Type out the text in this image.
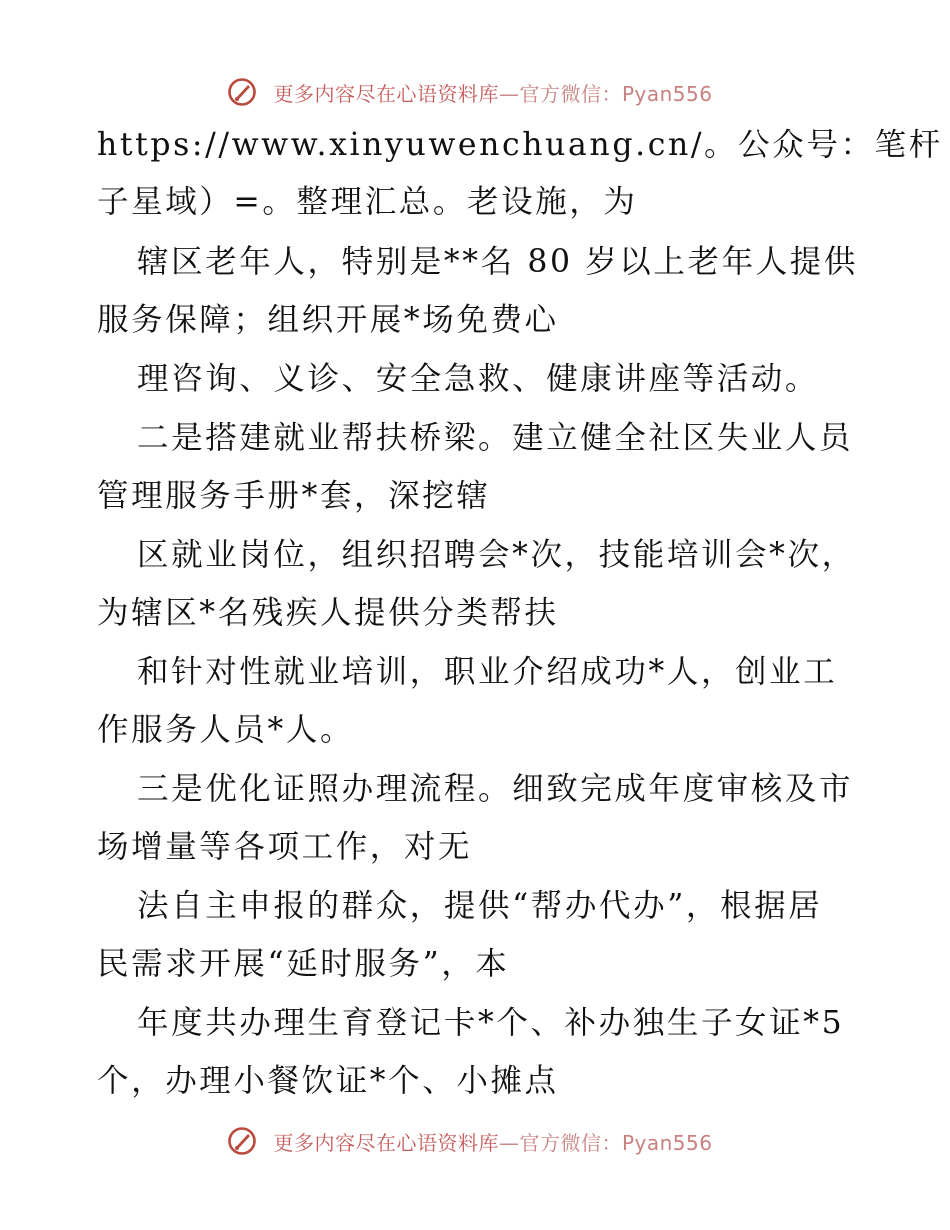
更多内容尽在心语资料库—官方微信：Pyan556
https://www.xinyuwenchuang.cn/。公众号：笔杆
子星域）=。整理汇总。老设施，为
辖区老年人，特别是**名 80 岁以上老年人提供
服务保障；组织开展*场免费心
理咨询、义诊、安全急救、健康讲座等活动。
二是搭建就业帮扶桥梁。建立健全社区失业人员
管理服务手册*套，深挖辖
区就业岗位，组织招聘会*次，技能培训会*次，
为辖区*名残疾人提供分类帮扶
和针对性就业培训，职业介绍成功*人，创业工
作服务人员*人。
三是优化证照办理流程。细致完成年度审核及市
场增量等各项工作，对无
法自主申报的群众，提供“帮办代办”，根据居
民需求开展“延时服务”，本
年度共办理生育登记卡*个、补办独生子女证*5
个，办理小餐饮证*个、小摊点
更多内容尽在心语资料库—官方微信：Pyan556
